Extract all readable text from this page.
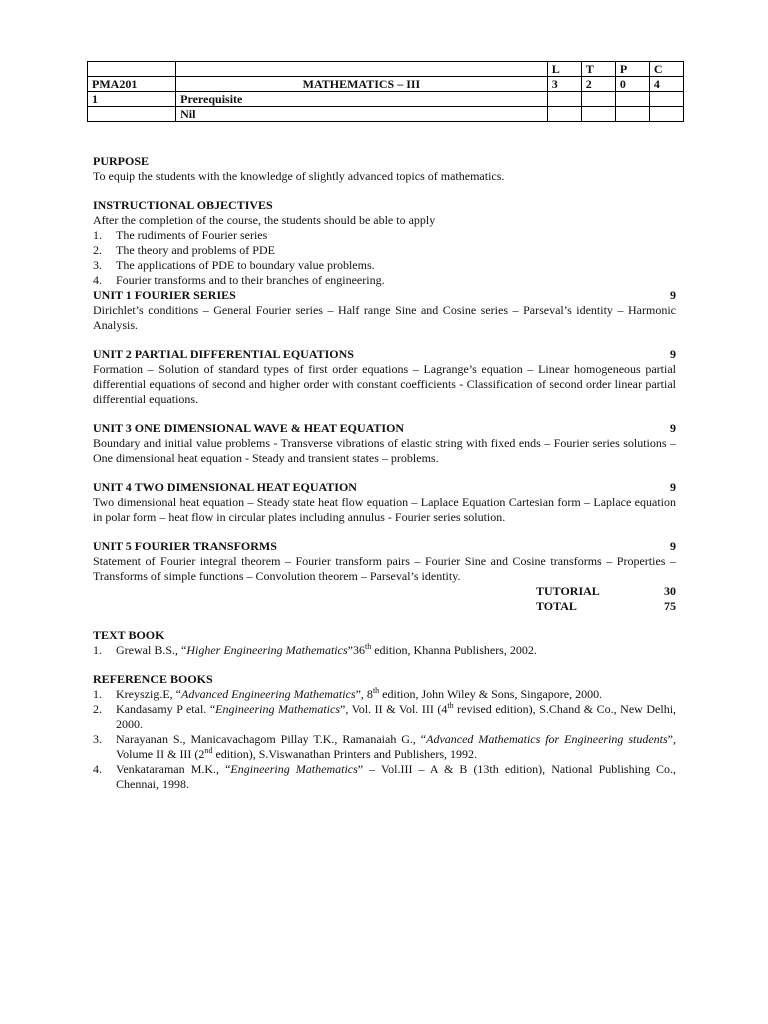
		L	T	P	C
PMA201	MATHEMATICS – III	3	2	0	4
1	Prerequisite				
	Nil				

PURPOSE

To equip the students with the knowledge of slightly advanced topics of mathematics.

INSTRUCTIONAL OBJECTIVES

After the completion of the course, the students should be able to apply

1.	The rudiments of Fourier series
2.	The theory and problems of PDE
3.	The applications of PDE to boundary value problems.
4.	Fourier transforms and to their branches of engineering.
UNIT 1 FOURIER SERIES	9

Dirichlet’s conditions – General Fourier series – Half range Sine and Cosine series – Parseval’s identity – Harmonic Analysis.

UNIT 2 PARTIAL DIFFERENTIAL EQUATIONS	9

Formation – Solution of standard types of first order equations – Lagrange’s equation – Linear homogeneous partial differential equations of second and higher order with constant coefficients - Classification of second order linear partial differential equations.

UNIT 3 ONE DIMENSIONAL WAVE & HEAT EQUATION	9

Boundary and initial value problems - Transverse vibrations of elastic string with fixed ends – Fourier series solutions – One dimensional heat equation - Steady and transient states – problems.

UNIT 4 TWO DIMENSIONAL HEAT EQUATION	9

Two dimensional heat equation – Steady state heat flow equation – Laplace Equation Cartesian form – Laplace equation in polar form – heat flow in circular plates including annulus - Fourier series solution.

UNIT 5 FOURIER TRANSFORMS	9

Statement of Fourier integral theorem – Fourier transform pairs – Fourier Sine and Cosine transforms – Properties – Transforms of simple functions – Convolution theorem – Parseval’s identity.

TUTORIAL	30
TOTAL	75

TEXT BOOK

1.	Grewal B.S., “Higher Engineering Mathematics”36th edition, Khanna Publishers, 2002.

REFERENCE BOOKS

1.	Kreyszig.E, “Advanced Engineering Mathematics”, 8th edition, John Wiley & Sons, Singapore, 2000.
2.	Kandasamy P etal. “Engineering Mathematics”, Vol. II & Vol. III (4th revised edition), S.Chand & Co., New Delhi, 2000.
3.	Narayanan S., Manicavachagom Pillay T.K., Ramanaiah G., “Advanced Mathematics for Engineering students”, Volume II & III (2nd edition), S.Viswanathan Printers and Publishers, 1992.
4.	Venkataraman M.K., “Engineering Mathematics” – Vol.III – A & B (13th edition), National Publishing Co., Chennai, 1998.
